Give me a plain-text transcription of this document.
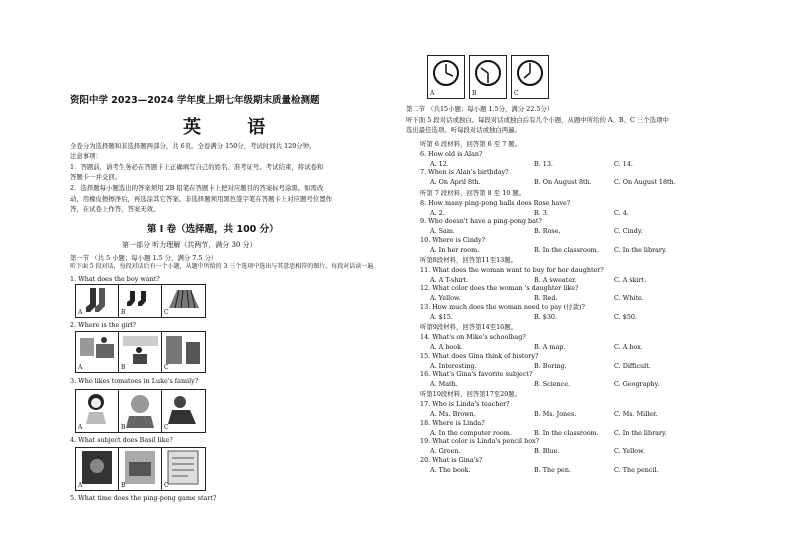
资阳中学 2023—2024 学年度上期七年级期末质量检测题
英 语
全卷分为选择题和非选择题两部分，共 6页。全卷满分 150分，考试时间共 120分钟。
注意事项：
1．答题前，请考生务必在答题卡上正确填写自己的姓名、准考证号。考试结束，将试卷和
答题卡一并交回。
2．选择题每小题选出的答案须用 2B 铅笔在答题卡上把对应题目的答案标号涂黑。如需改
动，用橡皮擦擦净后，再选涂其它答案。非选择题须用黑色签字笔在答题卡上对应题号位置作
答，在试卷上作答，答案无效。
第 I 卷（选择题，共 100 分）
第一部分 听力理解（共两节，满分 30 分）
第一节 （共 5 小题；每小题 1.5 分，满分 7.5 分）
听下面 5 段对话，每段对话后有一个小题，从题中所给的 3 三个选项中选出与其意思相符的图片。每段对话读一遍。
1. What does the boy want?
A	B	C
2. Where is the girl?
A	B	C
3. Who likes tomatoes in Luke's family?
A	B	C
4. What subject does Basil like?
A	B	C
5. What time does the ping-pong game start?
A	B	C
第二节 （共15小题；每小题 1.5分，满分 22.5分）
听下面 5 段对话或独白。每段对话或独白后有几个小题，从题中所给的 A、B、C 三个选项中
选出最佳选项。听每段对话或独白两遍。
听第 6 段材料，回答第 6 至 7 题。
6. How old is Alan?
A. 12.	B. 13.	C. 14.
7. When is Alan's birthday?
A. On April 8th.	B. On August 8th.	C. On August 18th.
听第 7 段材料，回答第 8 至 10 题。
8. How many ping-pong balls does Rose have?
A. 2.	B. 3.	C. 4.
9. Who doesn't have a ping-pong bat?
A. Sam.	B. Rose.	C. Cindy.
10. Where is Cindy?
A. In her room.	B. In the classroom. C. In the library.
听第8段材料，回答第11至13题。
11. What does the woman want to buy for her daughter?
A. A T-shirt.	B. A sweater.	C. A skirt.
12. What color does the woman 's daughter like?
A. Yellow.	B. Red.	C. White.
13. How much does the woman need to pay (付款)?
A. $15.	B. $30.	C. $50.
听第9段材料，回答第14至16题。
14. What's on Mike's schoolbag?
A. A book.	B. A map.	C. A box.
15. What does Gina think of history?
A. Interesting.	B. Boring.	C. Difficult.
16. What's Gina's favorite subject?
A. Math.	B. Science.	C. Geography.
听第10段材料，回答第17至20题。
17. Who is Linda's teacher?
A. Ms. Brown.	B. Ms. Jones.	C. Ms. Miller.
18. Where is Linda?
A. In the computer room.	B. In the classroom. C. In the library.
19. What color is Linda's pencil box?
A. Green.	B. Blue.	C. Yellow.
20. What is Gina's?
A. The book.	B. The pen.	C. The pencil.
